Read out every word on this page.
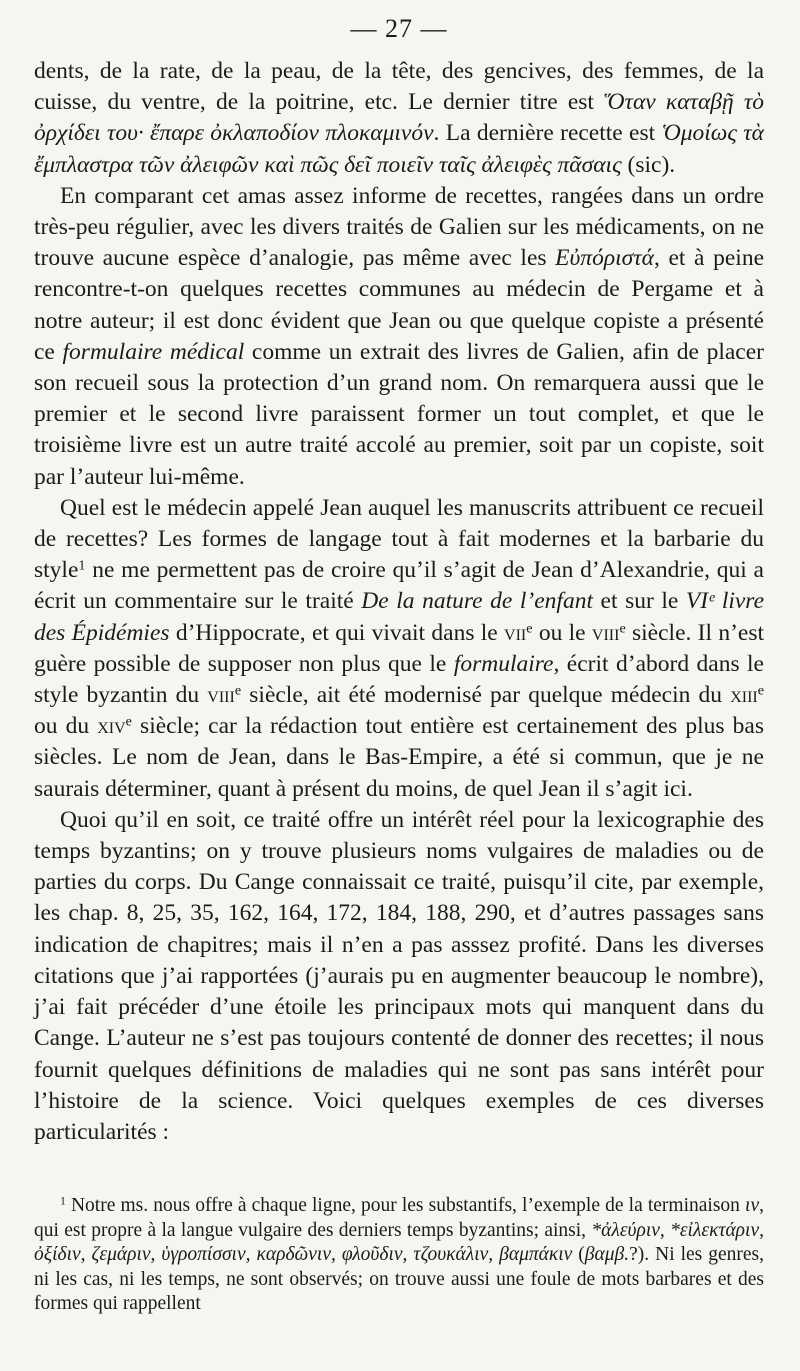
— 27 —

dents, de la rate, de la peau, de la tête, des gencives, des femmes, de la cuisse, du ventre, de la poitrine, etc. Le dernier titre est Ὅταν καταβῇ τὸ ὀρχίδει του· ἔπαρε ὀκλαποδίον πλοκαμινόν. La dernière recette est Ὁμοίως τὰ ἔμπλαστρα τῶν ἀλειφῶν καὶ πῶς δεῖ ποιεῖν ταῖς ἀλειφὲς πᾶσαις (sic).

En comparant cet amas assez informe de recettes, rangées dans un ordre très-peu régulier, avec les divers traités de Galien sur les médicaments, on ne trouve aucune espèce d’analogie, pas même avec les Εὐπόριστά, et à peine rencontre-t-on quelques recettes communes au médecin de Pergame et à notre auteur; il est donc évident que Jean ou que quelque copiste a présenté ce formulaire médical comme un extrait des livres de Galien, afin de placer son recueil sous la protection d’un grand nom. On remarquera aussi que le premier et le second livre paraissent former un tout complet, et que le troisième livre est un autre traité accolé au premier, soit par un copiste, soit par l’auteur lui-même.

Quel est le médecin appelé Jean auquel les manuscrits attribuent ce recueil de recettes? Les formes de langage tout à fait modernes et la barbarie du style$^1$ ne me permettent pas de croire qu’il s’agit de Jean d’Alexandrie, qui a écrit un commentaire sur le traité De la nature de l’enfant et sur le VIᵉ livre des Épidémies d’Hippocrate, et qui vivait dans le vii$^e$ ou le viii$^e$ siècle. Il n’est guère possible de supposer non plus que le formulaire, écrit d’abord dans le style byzantin du viii$^e$ siècle, ait été modernisé par quelque médecin du xiii$^e$ ou du xiv$^e$ siècle; car la rédaction tout entière est certainement des plus bas siècles. Le nom de Jean, dans le Bas-Empire, a été si commun, que je ne saurais déterminer, quant à présent du moins, de quel Jean il s’agit ici.

Quoi qu’il en soit, ce traité offre un intérêt réel pour la lexicographie des temps byzantins; on y trouve plusieurs noms vulgaires de maladies ou de parties du corps. Du Cange connaissait ce traité, puisqu’il cite, par exemple, les chap. 8, 25, 35, 162, 164, 172, 184, 188, 290, et d’autres passages sans indication de chapitres; mais il n’en a pas asssez profité. Dans les diverses citations que j’ai rapportées (j’aurais pu en augmenter beaucoup le nombre), j’ai fait précéder d’une étoile les principaux mots qui manquent dans du Cange. L’auteur ne s’est pas toujours contenté de donner des recettes; il nous fournit quelques définitions de maladies qui ne sont pas sans intérêt pour l’histoire de la science. Voici quelques exemples de ces diverses particularités :

$^1$ Notre ms. nous offre à chaque ligne, pour les substantifs, l’exemple de la terminaison ιν, qui est propre à la langue vulgaire des derniers temps byzantins; ainsi, *ἀλεύριν, *εἰλεκτάριν, ὀξίδιν, ζεμάριν, ὑγροπίσσιν, καρδῶνιν, φλοῦδιν, τζουκάλιν, βαμπάκιν (βαμβ.?). Ni les genres, ni les cas, ni les temps, ne sont observés; on trouve aussi une foule de mots barbares et des formes qui rappellent
